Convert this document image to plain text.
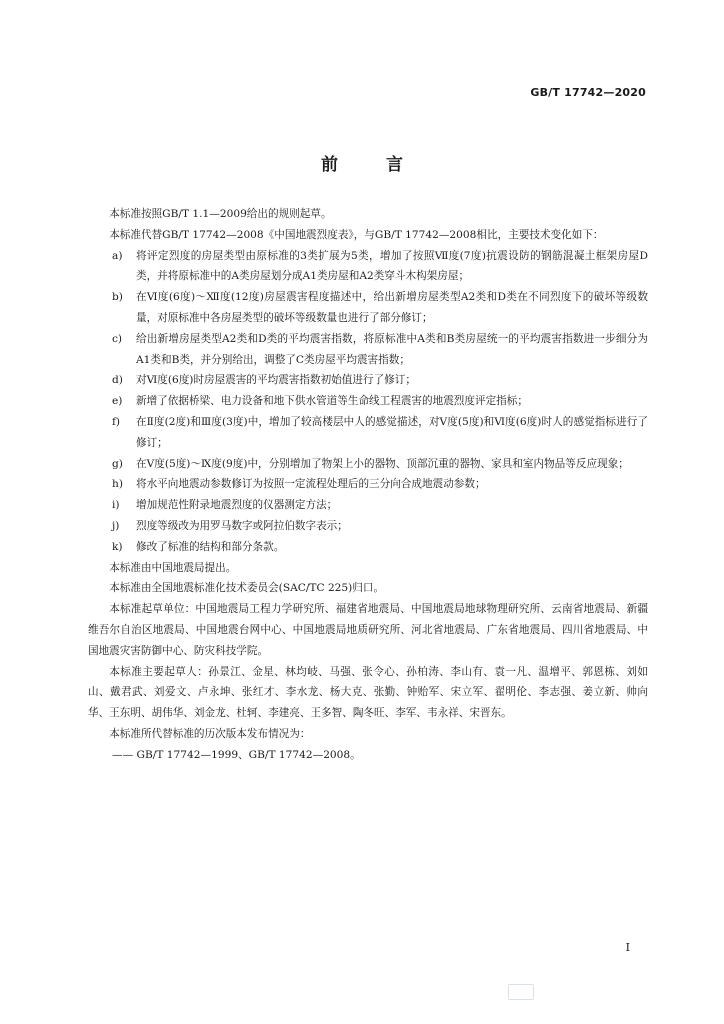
GB/T 17742—2020
前言

本标准按照GB/T 1.1—2009给出的规则起草。

本标准代替GB/T 17742—2008《中国地震烈度表》，与GB/T 17742—2008相比，主要技术变化如下：

a) 将评定烈度的房屋类型由原标准的3类扩展为5类，增加了按照Ⅶ度(7度)抗震设防的钢筋混凝土框架房屋D类，并将原标准中的A类房屋划分成A1类房屋和A2类穿斗木构架房屋；
b) 在Ⅵ度(6度)～Ⅻ度(12度)房屋震害程度描述中，给出新增房屋类型A2类和D类在不同烈度下的破坏等级数量，对原标准中各房屋类型的破坏等级数量也进行了部分修订；
c) 给出新增房屋类型A2类和D类的平均震害指数，将原标准中A类和B类房屋统一的平均震害指数进一步细分为A1类和B类，并分别给出，调整了C类房屋平均震害指数；
d) 对Ⅵ度(6度)时房屋震害的平均震害指数初始值进行了修订；
e) 新增了依据桥梁、电力设备和地下供水管道等生命线工程震害的地震烈度评定指标；
f) 在Ⅱ度(2度)和Ⅲ度(3度)中，增加了较高楼层中人的感觉描述，对Ⅴ度(5度)和Ⅵ度(6度)时人的感觉指标进行了修订；
g) 在Ⅴ度(5度)～Ⅸ度(9度)中，分别增加了物架上小的器物、顶部沉重的器物、家具和室内物品等反应现象；
h) 将水平向地震动参数修订为按照一定流程处理后的三分向合成地震动参数；
i) 增加规范性附录地震烈度的仪器测定方法；
j) 烈度等级改为用罗马数字或阿拉伯数字表示；
k) 修改了标准的结构和部分条款。

本标准由中国地震局提出。

本标准由全国地震标准化技术委员会(SAC/TC 225)归口。

本标准起草单位：中国地震局工程力学研究所、福建省地震局、中国地震局地球物理研究所、云南省地震局、新疆维吾尔自治区地震局、中国地震台网中心、中国地震局地质研究所、河北省地震局、广东省地震局、四川省地震局、中国地震灾害防御中心、防灾科技学院。

本标准主要起草人：孙景江、金星、林均岐、马强、张令心、孙柏涛、李山有、袁一凡、温增平、郭恩栋、刘如山、戴君武、刘爱文、卢永坤、张红才、李水龙、杨大克、张勤、钟贻军、宋立军、翟明伦、李志强、姜立新、帅向华、王东明、胡伟华、刘金龙、杜轲、李建亮、王多智、陶冬旺、李军、韦永祥、宋晋东。

本标准所代替标准的历次版本发布情况为：

—— GB/T 17742—1999、GB/T 17742—2008。

I
